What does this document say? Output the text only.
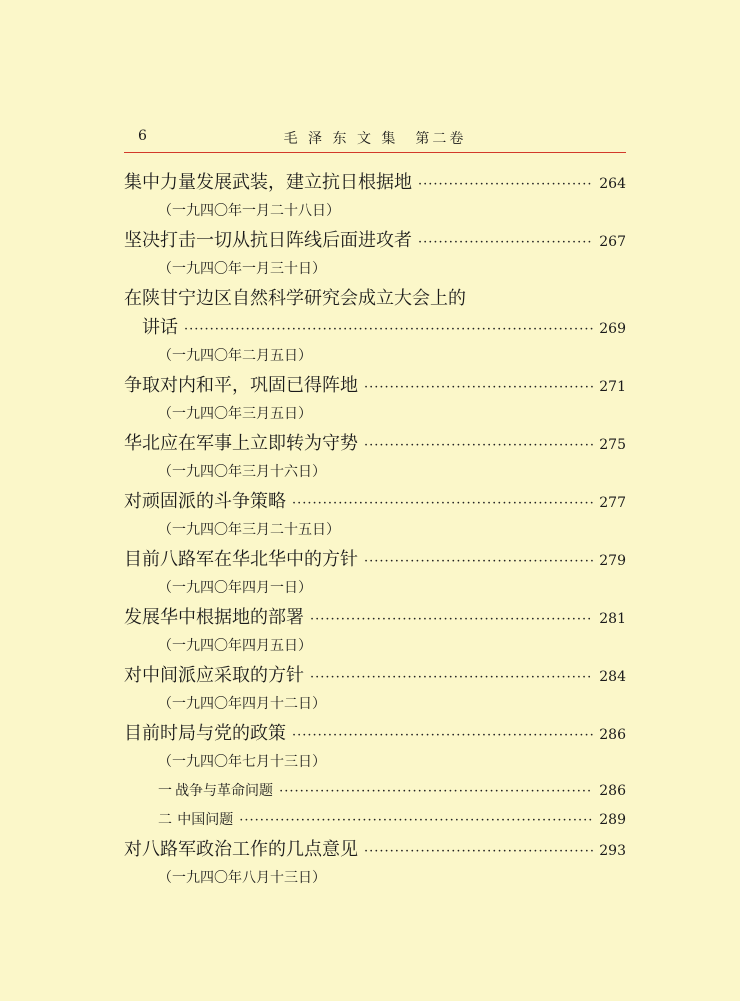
6	毛 泽 东 文 集　第二卷
集中力量发展武装，建立抗日根据地 ·····	264
（一九四〇年一月二十八日）
坚决打击一切从抗日阵线后面进攻者 ·····	267
（一九四〇年一月三十日）
在陕甘宁边区自然科学研究会成立大会上的
讲话 ·····	269
（一九四〇年二月五日）
争取对内和平，巩固已得阵地 ·····	271
（一九四〇年三月五日）
华北应在军事上立即转为守势 ·····	275
（一九四〇年三月十六日）
对顽固派的斗争策略 ·····	277
（一九四〇年三月二十五日）
目前八路军在华北华中的方针 ·····	279
（一九四〇年四月一日）
发展华中根据地的部署 ·····	281
（一九四〇年四月五日）
对中间派应采取的方针 ·····	284
（一九四〇年四月十二日）
目前时局与党的政策 ·····	286
（一九四〇年七月十三日）
一 战争与革命问题 ·····	286
二 中国问题 ·····	289
对八路军政治工作的几点意见 ·····	293
（一九四〇年八月十三日）
